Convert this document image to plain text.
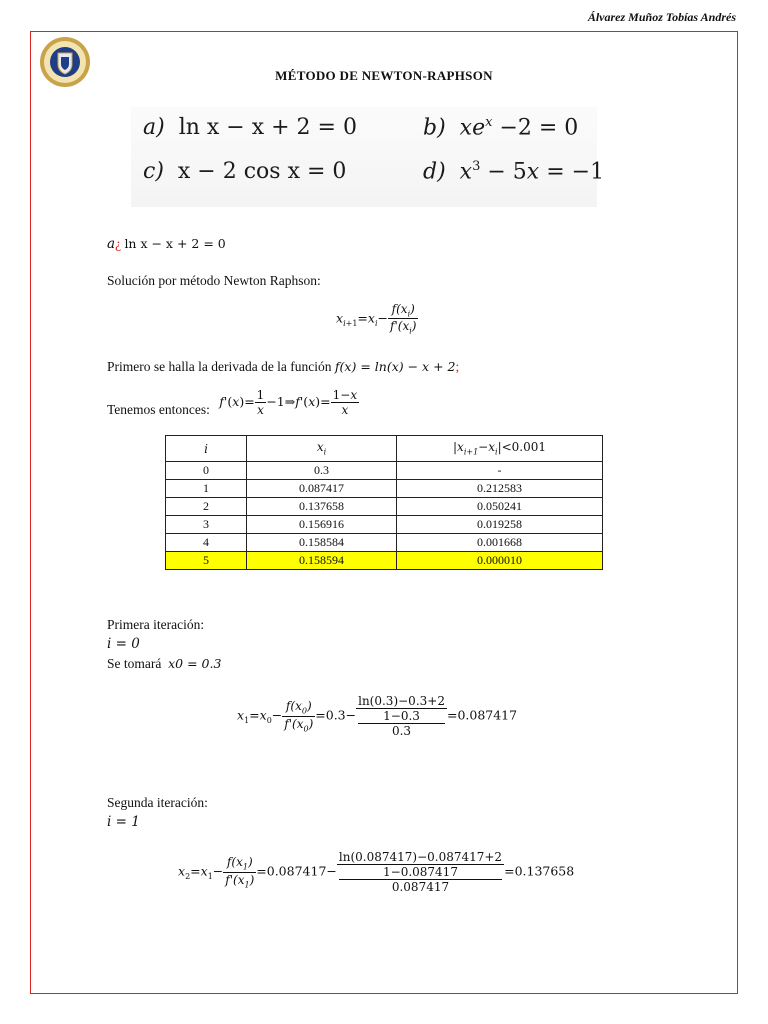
Álvarez Muñoz Tobías Andrés
MÉTODO DE NEWTON-RAPHSON
a) ln x − x + 2 = 0	b) $xe^x -2 = 0$
c) x − 2 cos x = 0	d) $x^3 - 5x = -1$
a¿ ln x − x + 2 = 0
Solución por método Newton Raphson:
$x_{i+1}=x_i- \frac{f(x_i)}{f'(x_i)}$
Primero se halla la derivada de la función f(x) = ln(x) − x + 2;
Tenemos entonces: $f'(x)= \frac{1}{x}$ −1⇒f'(x)= $\frac{1-x}{x}$
i	$x_i$	$|x_{i+1}-x_i|<0.001$
0	0.3	-
1	0.087417	0.212583
2	0.137658	0.050241
3	0.156916	0.019258
4	0.158584	0.001668
5	0.158594	0.000010
Primera iteración:
i = 0
Se tomará x0 = 0.3
$x_1=x_0- \frac{f(x_0)}{f'(x_0)} =0.3- \ln(0.3)-0.3+2$
1−0.3
0.3 =0.087417
Segunda iteración:
i = 1
$x_2=x_1- \frac{f(x_1)}{f'(x_1)} =0.087417- \ln(0.087417)-0.087417+2$
1−0.087417
0.087417 =0.137658
